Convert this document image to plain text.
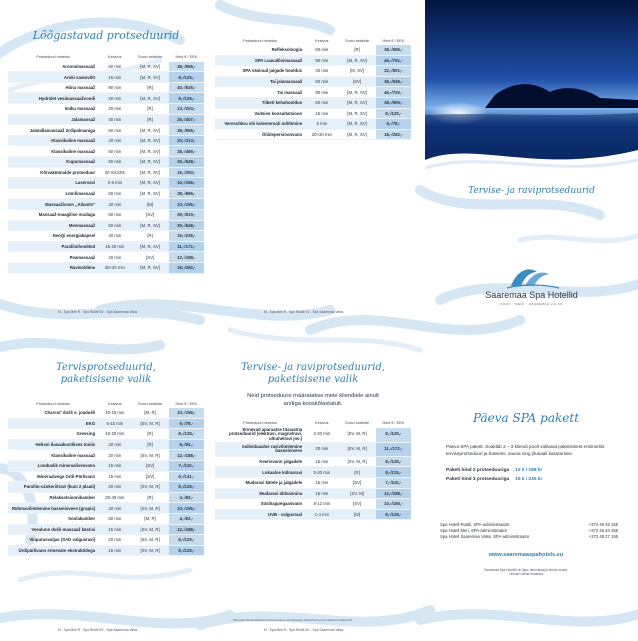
Lõõgastavad protseduurid
Protseduuri nimetus	Kestvus	Soovi andekte	Hind € / EEK
Aroomimassaaž	60 min	[M, R, SV]	38,-/595,-
Aroki vastuvõtt	15 min	[M, R, SV]	8,-/125,-
Hiina massaaž	90 min	[R]	40,-/626,-
Hydrolet vesimassaažvoodi	20 min	[M, R, SV]	8,-/125,-
Imiku massaaž	20 min	[R]	13,-/203,-
Jalamassaž	40 min	[R]	26,-/407,-
Jalatallamassaaž ürdipalmaniga	60 min	[M, R, SV]	38,-/595,-
Klassikaline massaaž	40 min	[M, R, SV]	20,-/313,-
Klassikaline massaaž	60 min	[M, R, SV]	38,-/469,-
Kupumassaaž	60 min	[M, R, SV]	35,-/548,-
Kõrvaküünalde protseduur	20 min/2tk	[M, R, SV]	16,-/250,-
Laservavi	2-8 min	[M, R, SV]	10,-/156,-
Lümfimassaaž	60 min	[M, R, SV]	38,-/595,-
Massaaživann „Atlantis"	20 min	[M]	10,-/156,-
Massaaž-maagilise mudaga	60 min	[SV]	39,-/610,-
Meemassaaž	60 min	[M, R, SV]	35,-/548,-
NeoQi energiakapsel	40 min	[R]	15,-/235,-
Parafiinihoolitsd	15-20 min	[M, R, SV]	11,-/172,-
Peamassaaž	20 min	[SV]	12,-/188,-
Ravivoldime	20+20 min	[M, R, SV]	18,-/282,-
M - Spa Meri R - Spa Rüütli SV - Spa Saaremaa Valss
Protseduuri nimetus	Kestvus	Soovi andekte	Hind € / EEK
Refleksoloogia	60 min	[R]	38,-/595,-
SPA Luavalõvimassaaž	90 min	[M, R, SV]	46,-/751,-
SPA väsinud jalgade hooldus	40 min	[M, SV]	32,-/501,-
Tai jalamassaaž	60 min	[SV]	35,-/548,-
Tai massaaž	90 min	[M, R, SV]	46,-/720,-
Tiibeti kehahooldus	60 min	[M, R, SV]	38,-/595,-
Vaiteise konsultatsioon	15 min	[M, R, SV]	8,-/125,-
Veresuhkru või kolesterooli mõõtmine	5 min	[M, R, SV]	5,-/78,-
Öliidspersioonvann	20+20 min	[M, R, SV]	18,-/282,-
M - Spa Meri R - Spa Rüütli SV - Spa Saaremaa Valss
Tervise- ja raviprotseduurid
Saaremaa Spa Hotellid
KODU · MERI · SAAREMAA VALSS
Tervisprotseduurid,
paketisisene valik
Protseduuri nimetus	Kestvus	Soovi andekte	Hind € / EEK
Charcot' dušš e. joadušš	10-15 min	[M, R]	10,-/156,-
EKG	6-15 min	[SV, M, R]	5,-/78,-
Gressing	10-20 min	[R]	8,-/125,-
Helisoi ϐasaakustilises toolis	20 min	[R]	6,-/94,-
Klassikaline massaaž	20 min	[SV, M, R]	12,-/188,-
Looduslik mineraalivesvann	15 min	[SV]	7,-/110,-
Mineraalvega Ordi-Pärlivann	15 min	[SV]	9,-/141,-
Parafiin-ozokeriitravi (kuni 2 plaati)	20 min	[SV, M, R]	8,-/125,-
Relaksatsioonikamber	20-40 min	[R]	4,-/63,-
Rühmavõimlemine basseinivees (grupis)	20 min	[SV, M, R]	10,-/156,-
Soolakamber	50 min	[M, R]	4,-/63,-
Veealune dušš-massaaž kästisi	15 min	[SV, M, R]	12,-/188,-
Vinputusvaljas (SAD valgusravi)	20 min	[SV, M, R]	8,-/125,-
Ürdipärlivann erinevate ekstraktidega	15 min	[SV, M, R]	8,-/125,-
M - Spa Meri R - Spa Rüütli SV - Spa Saaremaa Valss
Tervise- ja raviprotseduurid,
paketisisene valik
Neid protseduure määratakse meie kliendiele ainult arstiga kooskõlastatult.
Protseduuri nimetus	Kestvus	Soovi andekte	Hind € / EEK
Erinevad aparaatse füsiaatria protseduurid (elektravi, magnetravi, ultrahelravi jne.)	2-20 min	[SV, M, R]	8,-/125,-
Individuaalne ravivõimlemine basseinivees	20 min	[SV, M, R]	11,-/172,-
Keerisvann jalgadele	15 min	[SV, M, R]	8,-/125,-
Lokaalne külmaravi	5-20 min	[R]	8,-/125,-
Mudaravi kätele ja jalgadele	15 min	[SV]	7,-/110,-
Mudaravi üldvannina	15 min	[SV, M]	12,-/188,-
Süsihappegaasvann	8-12 min	[SV]	10,-/156,-
UVB - valgusravi	1-4 min	[M]	8,-/125,-
* Erinevatel füsioteraapilistel protseduurudel on eri kestvused, sõltuvalt arsti poolt määratud raviskeemist.
M - Spa Meri R - Spa Rüütli SV - Spa Saaremaa Valss
Päeva SPA pakett
Päeva SPA pakett. Soaklab 2 – 3 kliendi poolt valitavat paketisisest erinimelist terviseprotseduuri ja basseini, sauna ning jõusaali kasutamise.
Paketi hind 2 protseduuriga 12 € / 188 kr
Paketi hind 3 protseduuriga 15 € / 235 kr
Spa Hotell Rüütli, SPA-administraator	+372 45 48 155
Spa Hotell Meri, SPA-administraator	+372 45 33 155
Spa Hotell Saaremaa Valss, SPA-administraator	+372 45 27 155
www.saaremaaspahotels.eu
Saaremaa Spa Hotellid on läpu: lennutavaj ja õmolu musta.
Hinnad võivad muutuda
